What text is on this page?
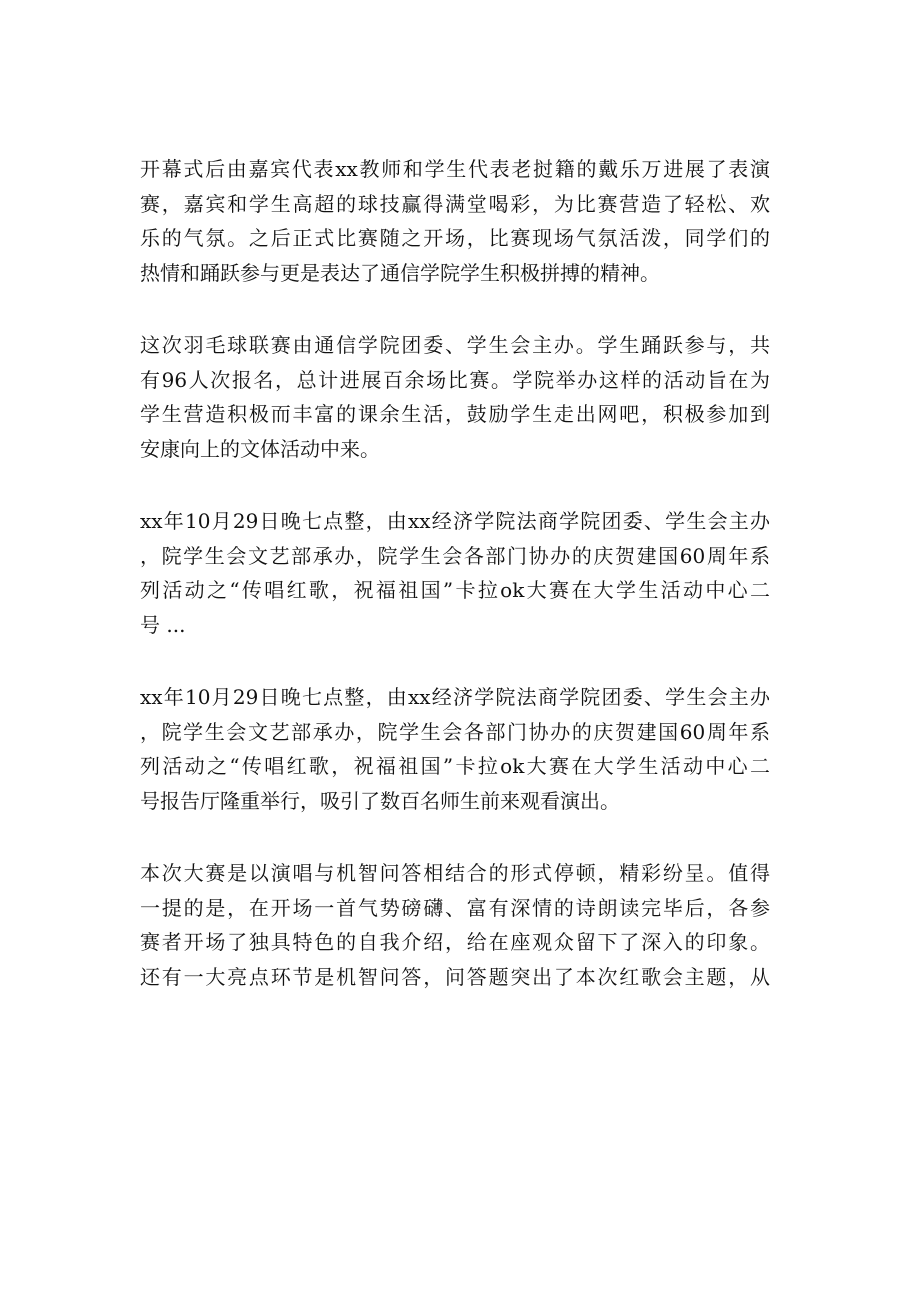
开幕式后由嘉宾代表xx教师和学生代表老挝籍的戴乐万进展了表演
赛，嘉宾和学生高超的球技赢得满堂喝彩，为比赛营造了轻松、欢
乐的气氛。之后正式比赛随之开场，比赛现场气氛活泼，同学们的
热情和踊跃参与更是表达了通信学院学生积极拼搏的精神。

这次羽毛球联赛由通信学院团委、学生会主办。学生踊跃参与，共
有96人次报名，总计进展百余场比赛。学院举办这样的活动旨在为
学生营造积极而丰富的课余生活，鼓励学生走出网吧，积极参加到
安康向上的文体活动中来。

xx年10月29日晚七点整，由xx经济学院法商学院团委、学生会主办
，院学生会文艺部承办，院学生会各部门协办的庆贺建国60周年系
列活动之“传唱红歌，祝福祖国”卡拉ok大赛在大学生活动中心二
号 ...

xx年10月29日晚七点整，由xx经济学院法商学院团委、学生会主办
，院学生会文艺部承办，院学生会各部门协办的庆贺建国60周年系
列活动之“传唱红歌，祝福祖国”卡拉ok大赛在大学生活动中心二
号报告厅隆重举行，吸引了数百名师生前来观看演出。

本次大赛是以演唱与机智问答相结合的形式停顿，精彩纷呈。值得
一提的是，在开场一首气势磅礴、富有深情的诗朗读完毕后，各参
赛者开场了独具特色的自我介绍，给在座观众留下了深入的印象。
还有一大亮点环节是机智问答，问答题突出了本次红歌会主题，从
